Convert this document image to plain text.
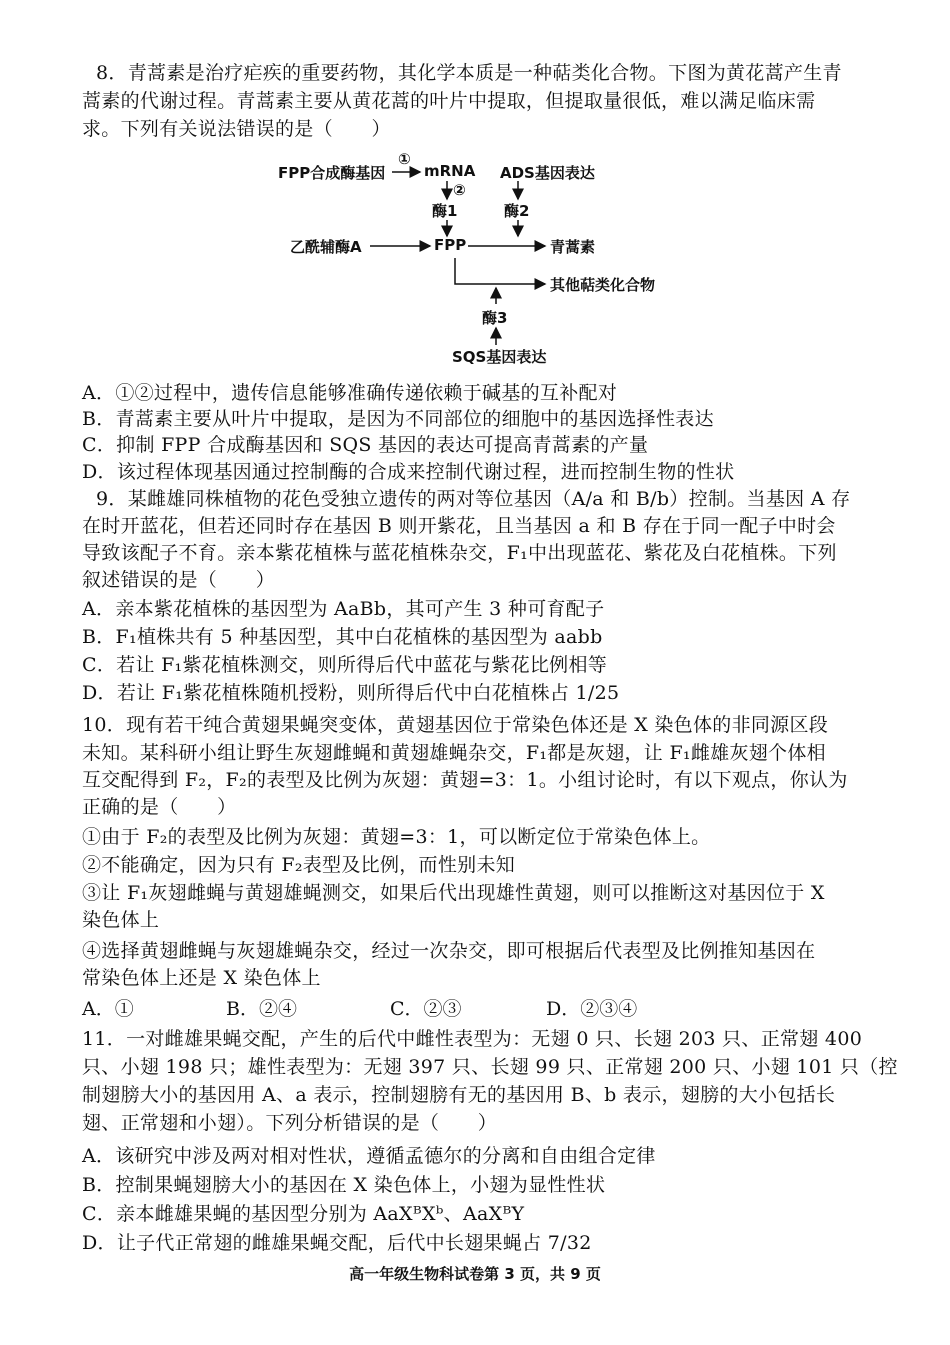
8．青蒿素是治疗疟疾的重要药物，其化学本质是一种萜类化合物。下图为黄花蒿产生青
蒿素的代谢过程。青蒿素主要从黄花蒿的叶片中提取，但提取量很低，难以满足临床需
求。下列有关说法错误的是（　　）
FPP合成酶基因
①
mRNA
②
ADS基因表达
酶1	酶2
乙酰辅酶A	FPP	青蒿素
其他萜类化合物
酶3
SQS基因表达
A．①②过程中，遗传信息能够准确传递依赖于碱基的互补配对
B．青蒿素主要从叶片中提取，是因为不同部位的细胞中的基因选择性表达
C．抑制 FPP 合成酶基因和 SQS 基因的表达可提高青蒿素的产量
D．该过程体现基因通过控制酶的合成来控制代谢过程，进而控制生物的性状
9．某雌雄同株植物的花色受独立遗传的两对等位基因（A/a 和 B/b）控制。当基因 A 存
在时开蓝花，但若还同时存在基因 B 则开紫花，且当基因 a 和 B 存在于同一配子中时会
导致该配子不育。亲本紫花植株与蓝花植株杂交，F₁中出现蓝花、紫花及白花植株。下列
叙述错误的是（　　）
A．亲本紫花植株的基因型为 AaBb，其可产生 3 种可育配子
B．F₁植株共有 5 种基因型，其中白花植株的基因型为 aabb
C．若让 F₁紫花植株测交，则所得后代中蓝花与紫花比例相等
D．若让 F₁紫花植株随机授粉，则所得后代中白花植株占 1/25
10．现有若干纯合黄翅果蝇突变体，黄翅基因位于常染色体还是 X 染色体的非同源区段
未知。某科研小组让野生灰翅雌蝇和黄翅雄蝇杂交，F₁都是灰翅，让 F₁雌雄灰翅个体相
互交配得到 F₂，F₂的表型及比例为灰翅：黄翅=3：1。小组讨论时，有以下观点，你认为
正确的是（　　）
①由于 F₂的表型及比例为灰翅：黄翅=3：1，可以断定位于常染色体上。
②不能确定，因为只有 F₂表型及比例，而性别未知
③让 F₁灰翅雌蝇与黄翅雄蝇测交，如果后代出现雄性黄翅，则可以推断这对基因位于 X
染色体上
④选择黄翅雌蝇与灰翅雄蝇杂交，经过一次杂交，即可根据后代表型及比例推知基因在
常染色体上还是 X 染色体上
A．①	B．②④	C．②③	D．②③④
11．一对雌雄果蝇交配，产生的后代中雌性表型为：无翅 0 只、长翅 203 只、正常翅 400
只、小翅 198 只；雄性表型为：无翅 397 只、长翅 99 只、正常翅 200 只、小翅 101 只（控
制翅膀大小的基因用 A、a 表示，控制翅膀有无的基因用 B、b 表示，翅膀的大小包括长
翅、正常翅和小翅）。下列分析错误的是（　　）
A．该研究中涉及两对相对性状，遵循孟德尔的分离和自由组合定律
B．控制果蝇翅膀大小的基因在 X 染色体上，小翅为显性性状
C．亲本雌雄果蝇的基因型分别为 AaXᴮXᵇ、AaXᴮY
D．让子代正常翅的雌雄果蝇交配，后代中长翅果蝇占 7/32
高一年级生物科试卷第 3 页，共 9 页
